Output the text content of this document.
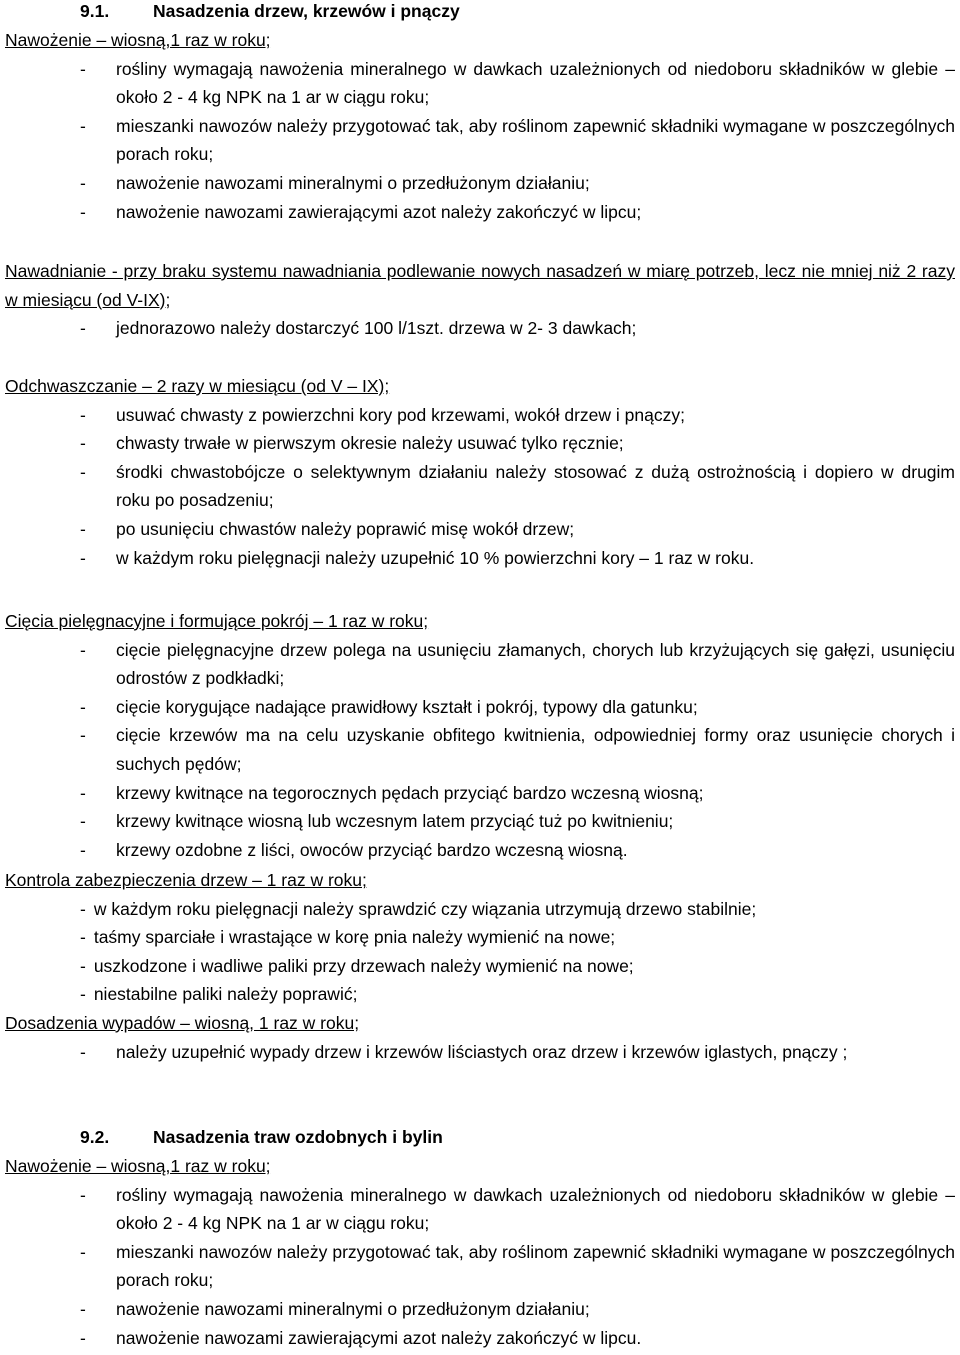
9.1.	Nasadzenia drzew, krzewów i pnączy

Nawożenie – wiosną,1 raz w roku;

- rośliny wymagają nawożenia mineralnego w dawkach uzależnionych od niedoboru składników w glebie – około 2 - 4 kg NPK na 1 ar w ciągu roku;
- mieszanki nawozów należy przygotować tak, aby roślinom zapewnić składniki wymagane w poszczególnych porach roku;
- nawożenie nawozami mineralnymi o przedłużonym działaniu;
- nawożenie nawozami zawierającymi azot należy zakończyć w lipcu;

Nawadnianie - przy braku systemu nawadniania podlewanie nowych nasadzeń w miarę potrzeb, lecz nie mniej niż 2 razy w miesiącu (od V-IX);

- jednorazowo należy dostarczyć 100 l/1szt. drzewa w 2- 3 dawkach;

Odchwaszczanie – 2 razy w miesiącu (od V – IX);

- usuwać chwasty z powierzchni kory pod krzewami, wokół drzew i pnączy;
- chwasty trwałe w pierwszym okresie należy usuwać tylko ręcznie;
- środki chwastobójcze o selektywnym działaniu należy stosować z dużą ostrożnością i dopiero w drugim roku po posadzeniu;
- po usunięciu chwastów należy poprawić misę wokół drzew;
- w każdym roku pielęgnacji należy uzupełnić 10 % powierzchni kory – 1 raz w roku.

Cięcia pielęgnacyjne i formujące pokrój – 1 raz w roku;

- cięcie pielęgnacyjne drzew polega na usunięciu złamanych, chorych lub krzyżujących się gałęzi, usunięciu odrostów z podkładki;
- cięcie korygujące nadające prawidłowy kształt i pokrój, typowy dla gatunku;
- cięcie krzewów ma na celu uzyskanie obfitego kwitnienia, odpowiedniej formy oraz usunięcie chorych i suchych pędów;
- krzewy kwitnące na tegorocznych pędach przyciąć bardzo wczesną wiosną;
- krzewy kwitnące wiosną lub wczesnym latem przyciąć tuż po kwitnieniu;
- krzewy ozdobne z liści, owoców przyciąć bardzo wczesną wiosną.

Kontrola zabezpieczenia drzew – 1 raz w roku;

- w każdym roku pielęgnacji należy sprawdzić czy wiązania utrzymują drzewo stabilnie;
- taśmy sparciałe i wrastające w korę pnia należy wymienić na nowe;
- uszkodzone i wadliwe paliki przy drzewach należy wymienić na nowe;
- niestabilne paliki należy poprawić;

Dosadzenia wypadów – wiosną, 1 raz w roku;

- należy uzupełnić wypady drzew i krzewów liściastych oraz drzew i krzewów iglastych, pnączy ;
9.2.	Nasadzenia traw ozdobnych i bylin

Nawożenie – wiosną,1 raz w roku;

- rośliny wymagają nawożenia mineralnego w dawkach uzależnionych od niedoboru składników w glebie – około 2 - 4 kg NPK na 1 ar w ciągu roku;
- mieszanki nawozów należy przygotować tak, aby roślinom zapewnić składniki wymagane w poszczególnych porach roku;
- nawożenie nawozami mineralnymi o przedłużonym działaniu;
- nawożenie nawozami zawierającymi azot należy zakończyć w lipcu.
